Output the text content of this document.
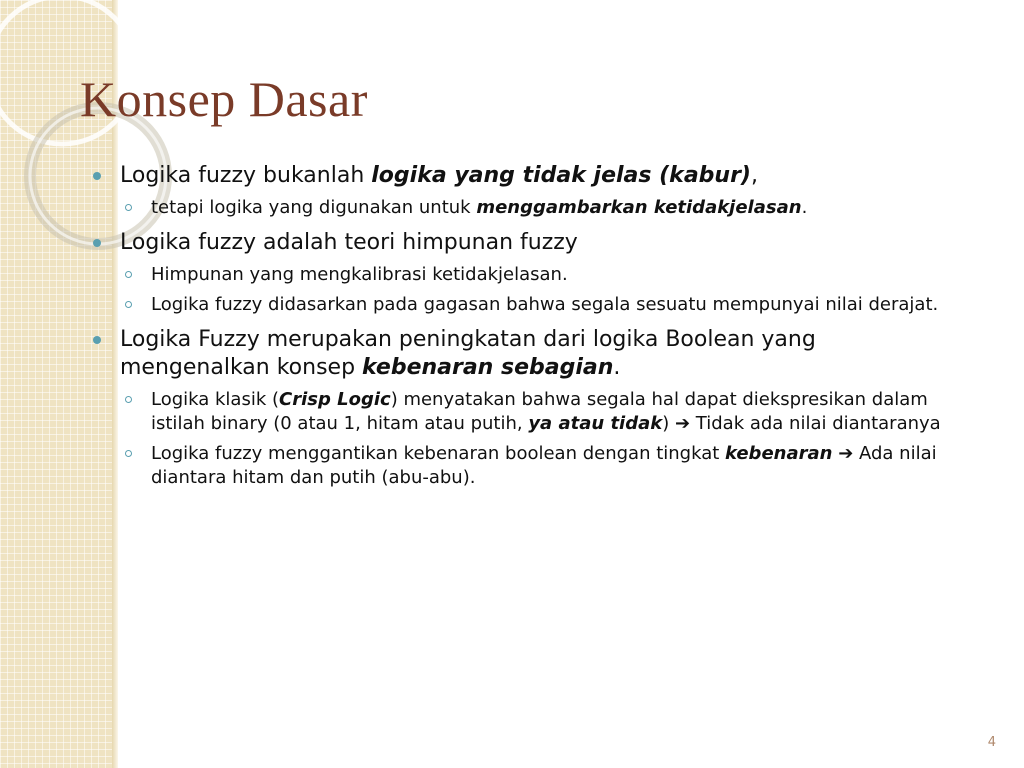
Konsep Dasar
Logika fuzzy bukanlah logika yang tidak jelas (kabur),
tetapi logika yang digunakan untuk menggambarkan ketidakjelasan.
Logika fuzzy adalah teori himpunan fuzzy
Himpunan yang mengkalibrasi ketidakjelasan.
Logika fuzzy didasarkan pada gagasan bahwa segala sesuatu mempunyai nilai derajat.
Logika Fuzzy merupakan peningkatan dari logika Boolean yang mengenalkan konsep kebenaran sebagian.
Logika klasik (Crisp Logic) menyatakan bahwa segala hal dapat diekspresikan dalam istilah binary (0 atau 1, hitam atau putih, ya atau tidak) ➔ Tidak ada nilai diantaranya
Logika fuzzy menggantikan kebenaran boolean dengan tingkat kebenaran ➔ Ada nilai diantara hitam dan putih (abu-abu).
4
